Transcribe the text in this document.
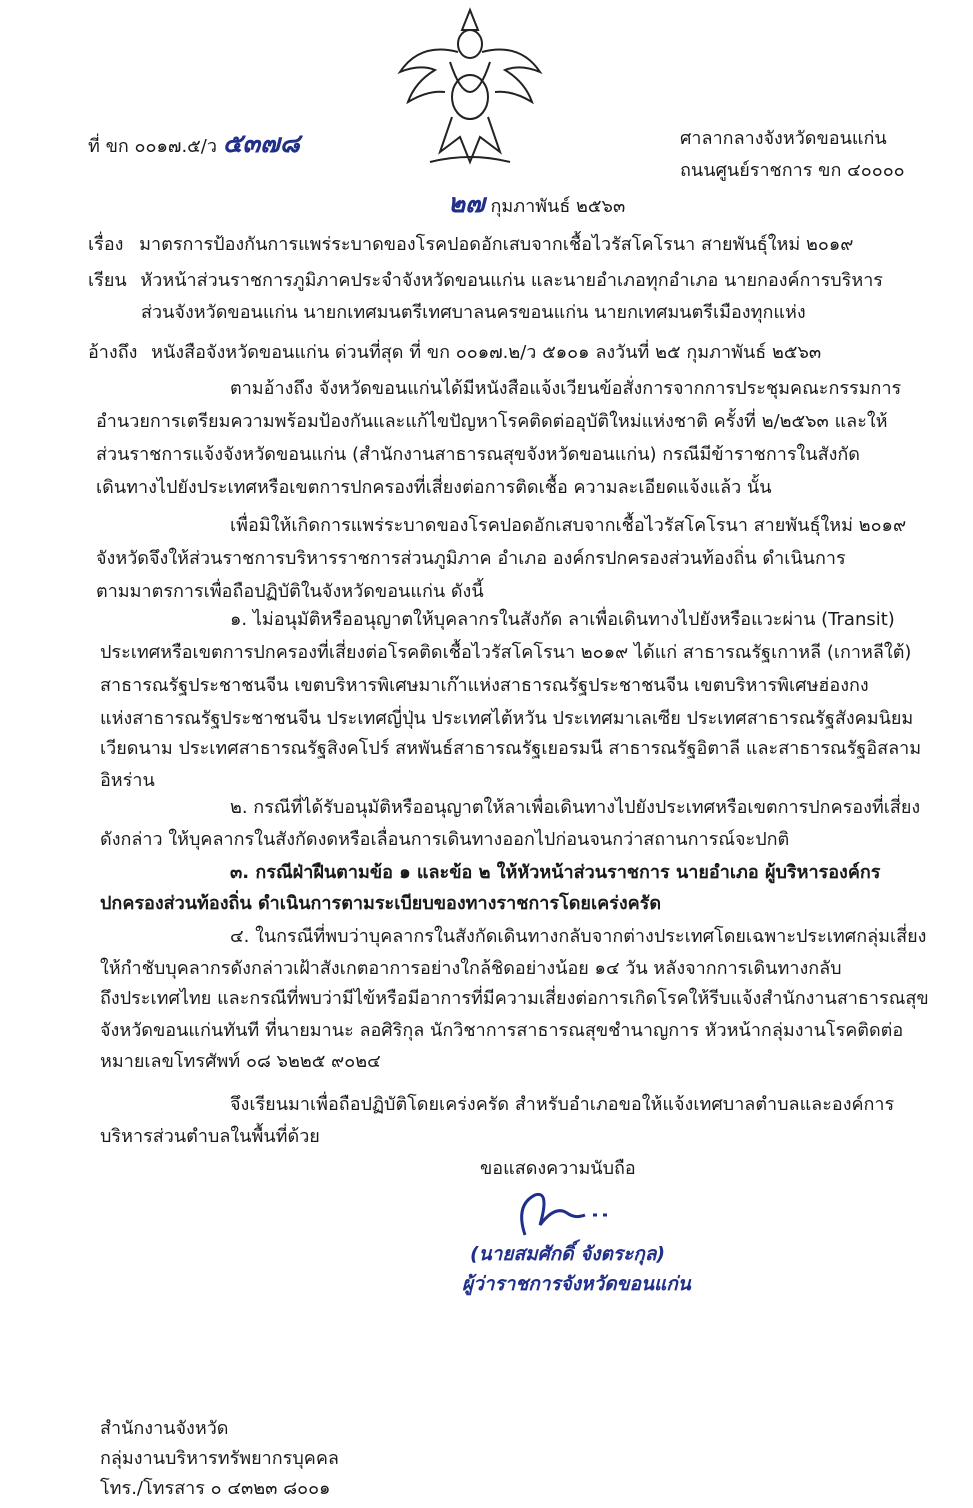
ที่ ขก ๐๐๑๗.๕/ว ๕๓๗๘	ศาลากลางจังหวัดขอนแก่น
ถนนศูนย์ราชการ ขก ๔๐๐๐๐
๒๗ กุมภาพันธ์ ๒๕๖๓
เรื่อง มาตรการป้องกันการแพร่ระบาดของโรคปอดอักเสบจากเชื้อไวรัสโคโรนา สายพันธุ์ใหม่ ๒๐๑๙
เรียน หัวหน้าส่วนราชการภูมิภาคประจำจังหวัดขอนแก่น และนายอำเภอทุกอำเภอ นายกองค์การบริหาร
ส่วนจังหวัดขอนแก่น นายกเทศมนตรีเทศบาลนครขอนแก่น นายกเทศมนตรีเมืองทุกแห่ง
อ้างถึง หนังสือจังหวัดขอนแก่น ด่วนที่สุด ที่ ขก ๐๐๑๗.๒/ว ๕๑๐๑ ลงวันที่ ๒๕ กุมภาพันธ์ ๒๕๖๓
ตามอ้างถึง จังหวัดขอนแก่นได้มีหนังสือแจ้งเวียนข้อสั่งการจากการประชุมคณะกรรมการ
อำนวยการเตรียมความพร้อมป้องกันและแก้ไขปัญหาโรคติดต่ออุบัติใหม่แห่งชาติ ครั้งที่ ๒/๒๕๖๓ และให้
ส่วนราชการแจ้งจังหวัดขอนแก่น (สำนักงานสาธารณสุขจังหวัดขอนแก่น) กรณีมีข้าราชการในสังกัด
เดินทางไปยังประเทศหรือเขตการปกครองที่เสี่ยงต่อการติดเชื้อ ความละเอียดแจ้งแล้ว นั้น
เพื่อมิให้เกิดการแพร่ระบาดของโรคปอดอักเสบจากเชื้อไวรัสโคโรนา สายพันธุ์ใหม่ ๒๐๑๙
จังหวัดจึงให้ส่วนราชการบริหารราชการส่วนภูมิภาค อำเภอ องค์กรปกครองส่วนท้องถิ่น ดำเนินการ
ตามมาตรการเพื่อถือปฏิบัติในจังหวัดขอนแก่น ดังนี้
๑. ไม่อนุมัติหรืออนุญาตให้บุคลากรในสังกัด ลาเพื่อเดินทางไปยังหรือแวะผ่าน (Transit)
ประเทศหรือเขตการปกครองที่เสี่ยงต่อโรคติดเชื้อไวรัสโคโรนา ๒๐๑๙ ได้แก่ สาธารณรัฐเกาหลี (เกาหลีใต้)
สาธารณรัฐประชาชนจีน เขตบริหารพิเศษมาเก๊าแห่งสาธารณรัฐประชาชนจีน เขตบริหารพิเศษฮ่องกง
แห่งสาธารณรัฐประชาชนจีน ประเทศญี่ปุ่น ประเทศไต้หวัน ประเทศมาเลเซีย ประเทศสาธารณรัฐสังคมนิยม
เวียดนาม ประเทศสาธารณรัฐสิงคโปร์ สหพันธ์สาธารณรัฐเยอรมนี สาธารณรัฐอิตาลี และสาธารณรัฐอิสลาม
อิหร่าน
๒. กรณีที่ได้รับอนุมัติหรืออนุญาตให้ลาเพื่อเดินทางไปยังประเทศหรือเขตการปกครองที่เสี่ยง
ดังกล่าว ให้บุคลากรในสังกัดงดหรือเลื่อนการเดินทางออกไปก่อนจนกว่าสถานการณ์จะปกติ
๓. กรณีฝ่าฝืนตามข้อ ๑ และข้อ ๒ ให้หัวหน้าส่วนราชการ นายอำเภอ ผู้บริหารองค์กร
ปกครองส่วนท้องถิ่น ดำเนินการตามระเบียบของทางราชการโดยเคร่งครัด
๔. ในกรณีที่พบว่าบุคลากรในสังกัดเดินทางกลับจากต่างประเทศโดยเฉพาะประเทศกลุ่มเสี่ยง
ให้กำชับบุคลากรดังกล่าวเฝ้าสังเกตอาการอย่างใกล้ชิดอย่างน้อย ๑๔ วัน หลังจากการเดินทางกลับ
ถึงประเทศไทย และกรณีที่พบว่ามีไข้หรือมีอาการที่มีความเสี่ยงต่อการเกิดโรคให้รีบแจ้งสำนักงานสาธารณสุข
จังหวัดขอนแก่นทันที ที่นายมานะ ลอศิริกุล นักวิชาการสาธารณสุขชำนาญการ หัวหน้ากลุ่มงานโรคติดต่อ
หมายเลขโทรศัพท์ ๐๘ ๖๒๒๕ ๙๐๒๔
จึงเรียนมาเพื่อถือปฏิบัติโดยเคร่งครัด สำหรับอำเภอขอให้แจ้งเทศบาลตำบลและองค์การ
บริหารส่วนตำบลในพื้นที่ด้วย
ขอแสดงความนับถือ
(นายสมศักดิ์ จังตระกุล)
ผู้ว่าราชการจังหวัดขอนแก่น
สำนักงานจังหวัด
กลุ่มงานบริหารทรัพยากรบุคคล
โทร./โทรสาร ๐ ๔๓๒๓ ๘๐๐๑
